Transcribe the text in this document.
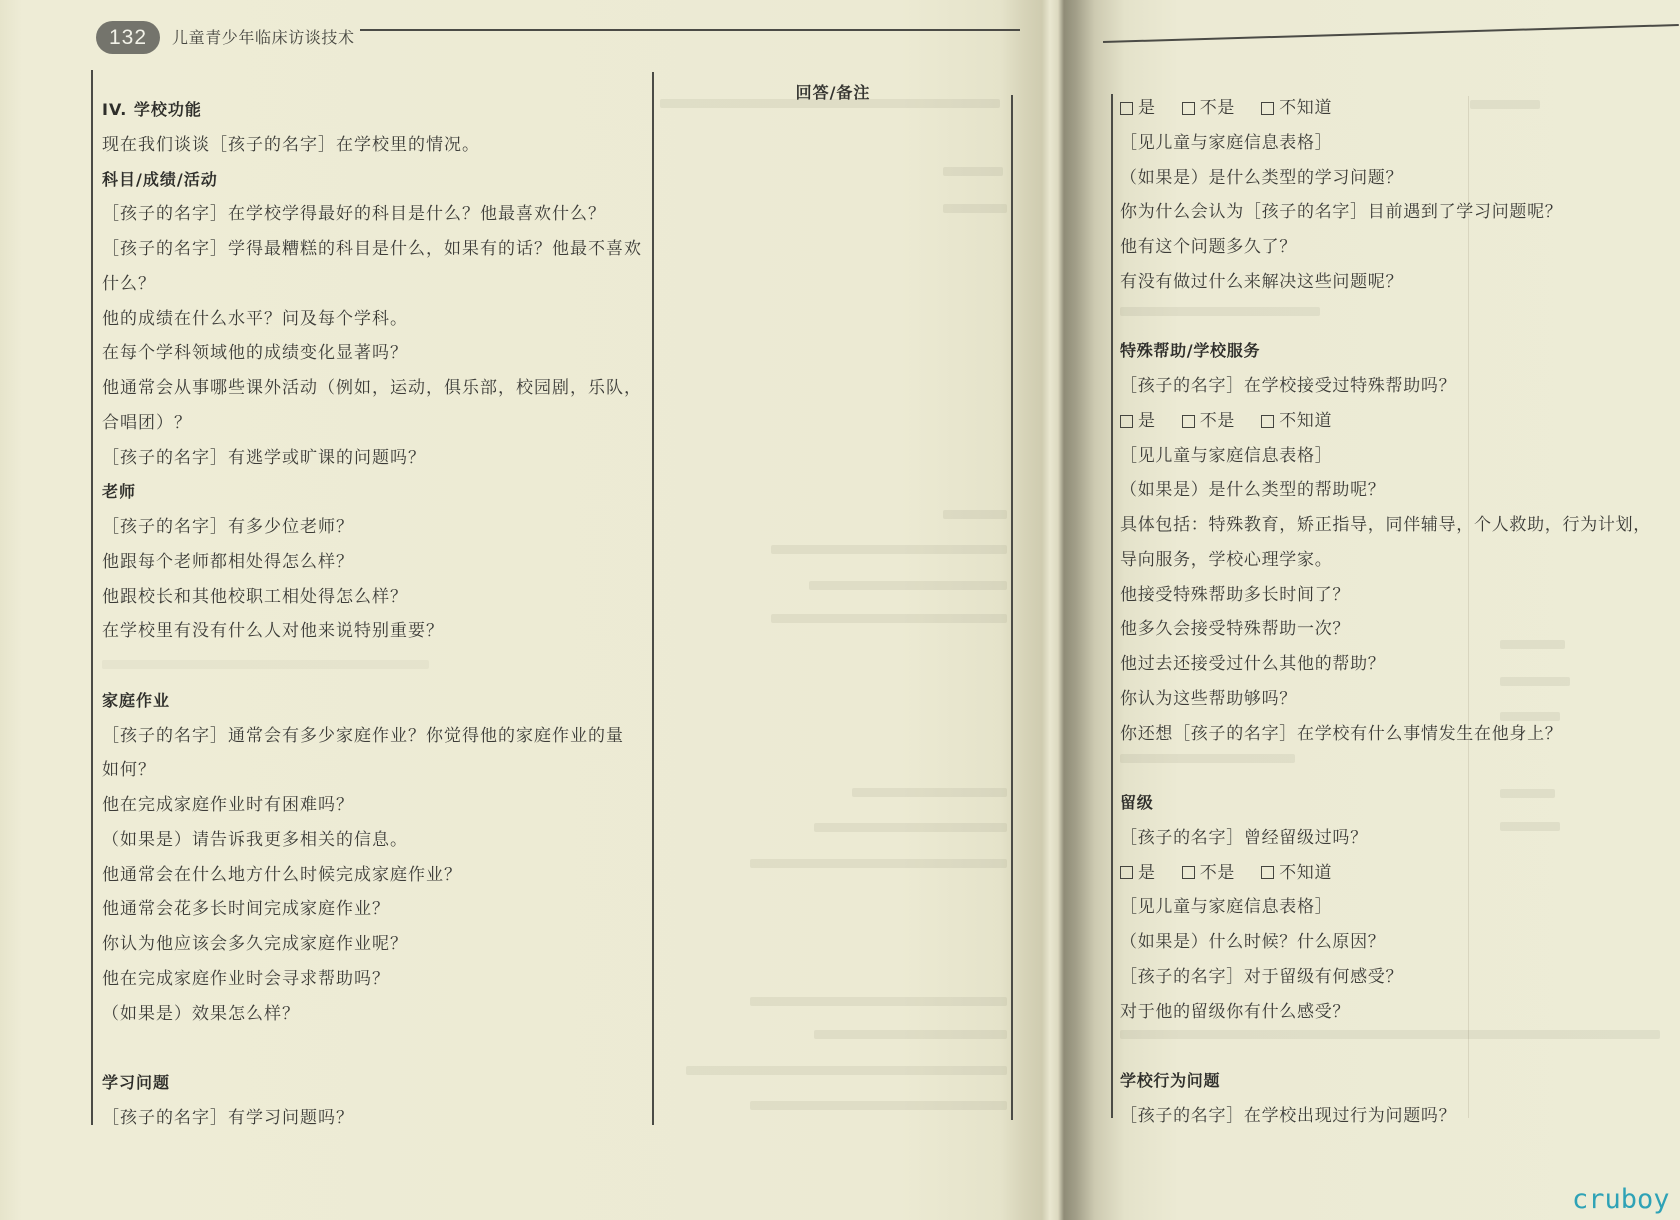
132	儿童青少年临床访谈技术
回答/备注
IV. 学校功能
现在我们谈谈［孩子的名字］在学校里的情况。
科目/成绩/活动
［孩子的名字］在学校学得最好的科目是什么？他最喜欢什么？
［孩子的名字］学得最糟糕的科目是什么，如果有的话？他最不喜欢
什么？
他的成绩在什么水平？问及每个学科。
在每个学科领域他的成绩变化显著吗？
他通常会从事哪些课外活动（例如，运动，俱乐部，校园剧，乐队，
合唱团）？
［孩子的名字］有逃学或旷课的问题吗？
老师
［孩子的名字］有多少位老师？
他跟每个老师都相处得怎么样？
他跟校长和其他校职工相处得怎么样？
在学校里有没有什么人对他来说特别重要？
家庭作业
［孩子的名字］通常会有多少家庭作业？你觉得他的家庭作业的量
如何？
他在完成家庭作业时有困难吗？
（如果是）请告诉我更多相关的信息。
他通常会在什么地方什么时候完成家庭作业？
他通常会花多长时间完成家庭作业？
你认为他应该会多久完成家庭作业呢？
他在完成家庭作业时会寻求帮助吗？
（如果是）效果怎么样？
学习问题
［孩子的名字］有学习问题吗？
是	不是	不知道
［见儿童与家庭信息表格］
（如果是）是什么类型的学习问题？
你为什么会认为［孩子的名字］目前遇到了学习问题呢？
他有这个问题多久了？
有没有做过什么来解决这些问题呢？
特殊帮助/学校服务
［孩子的名字］在学校接受过特殊帮助吗？
是	不是	不知道
［见儿童与家庭信息表格］
（如果是）是什么类型的帮助呢？
具体包括：特殊教育，矫正指导，同伴辅导，个人救助，行为计划，
导向服务，学校心理学家。
他接受特殊帮助多长时间了？
他多久会接受特殊帮助一次？
他过去还接受过什么其他的帮助？
你认为这些帮助够吗？
你还想［孩子的名字］在学校有什么事情发生在他身上？
留级
［孩子的名字］曾经留级过吗？
是	不是	不知道
［见儿童与家庭信息表格］
（如果是）什么时候？什么原因？
［孩子的名字］对于留级有何感受？
对于他的留级你有什么感受？
学校行为问题
［孩子的名字］在学校出现过行为问题吗？
cruboy
